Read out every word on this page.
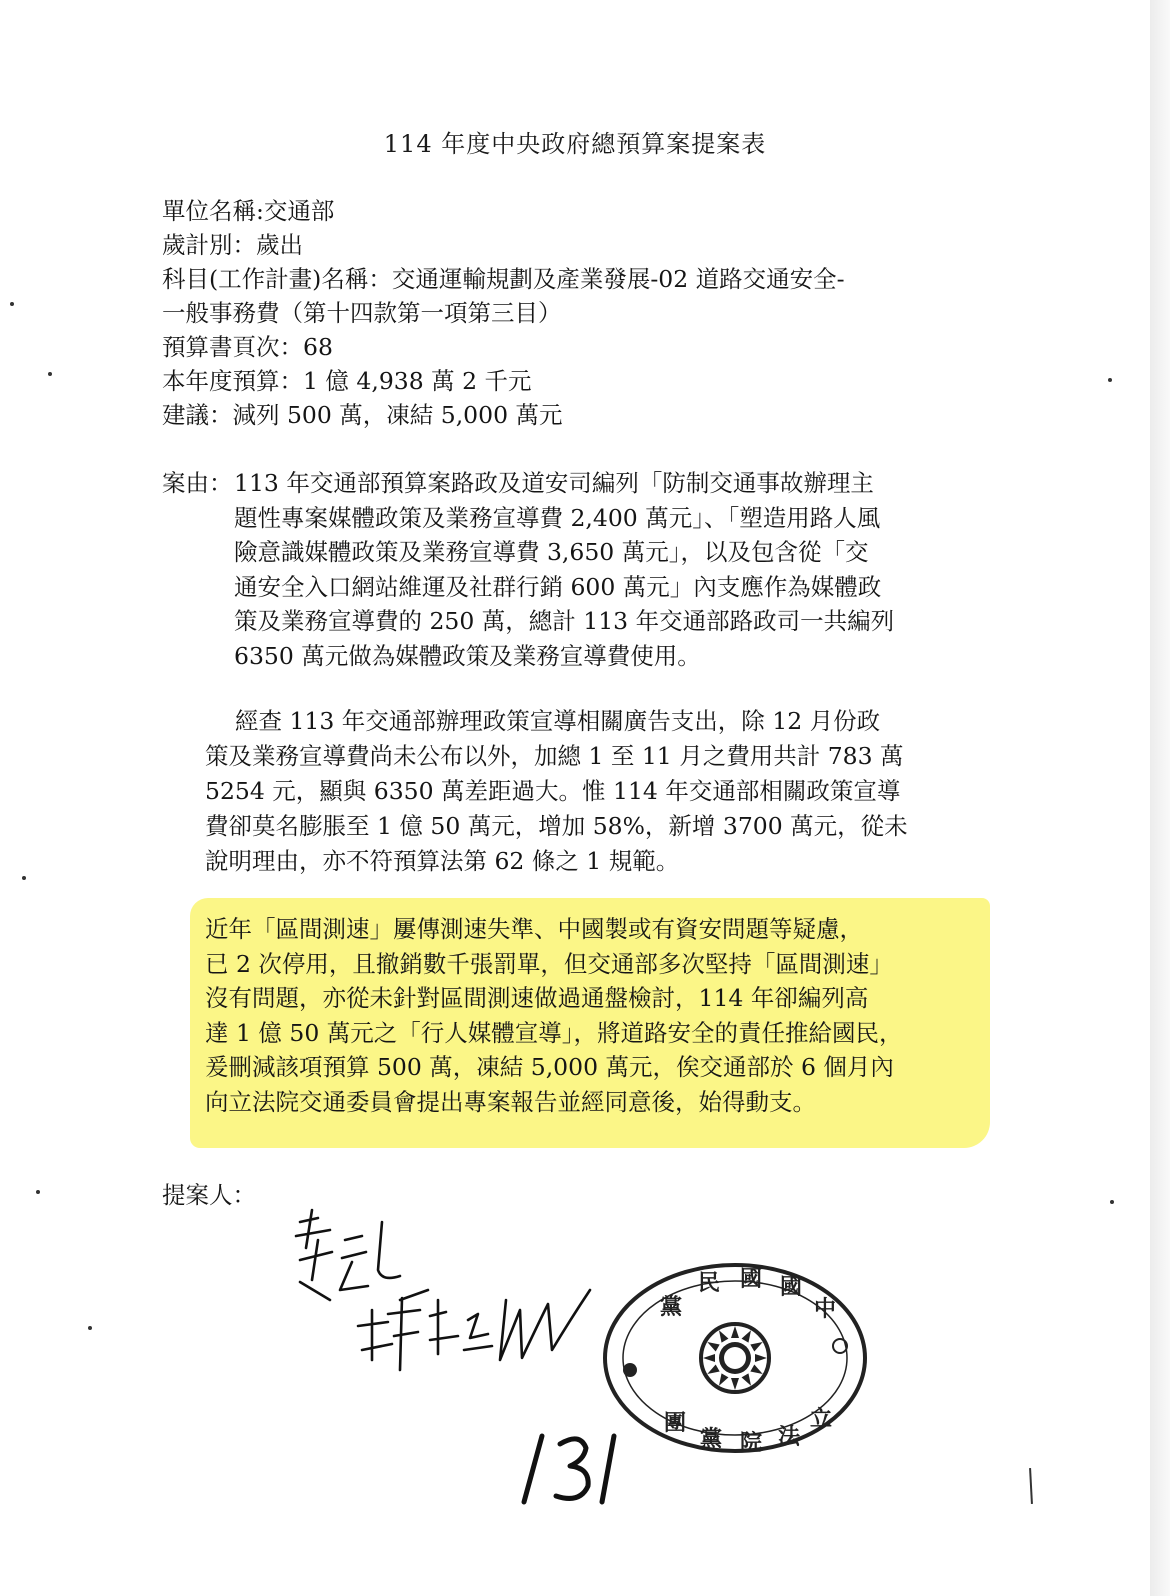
114 年度中央政府總預算案提案表
單位名稱:交通部
歲計別：歲出
科目(工作計畫)名稱：交通運輸規劃及產業發展-02 道路交通安全-
一般事務費（第十四款第一項第三目）
預算書頁次：68
本年度預算：1 億 4,938 萬 2 千元
建議：減列 500 萬，凍結 5,000 萬元
案由： 113 年交通部預算案路政及道安司編列「防制交通事故辦理主
題性專案媒體政策及業務宣導費 2,400 萬元」、「塑造用路人風
險意識媒體政策及業務宣導費 3,650 萬元」，以及包含從「交
通安全入口網站維運及社群行銷 600 萬元」內支應作為媒體政
策及業務宣導費的 250 萬，總計 113 年交通部路政司一共編列
6350 萬元做為媒體政策及業務宣導費使用。
經查 113 年交通部辦理政策宣導相關廣告支出，除 12 月份政
策及業務宣導費尚未公布以外，加總 1 至 11 月之費用共計 783 萬
5254 元，顯與 6350 萬差距過大。惟 114 年交通部相關政策宣導
費卻莫名膨脹至 1 億 50 萬元，增加 58%，新增 3700 萬元，從未
說明理由，亦不符預算法第 62 條之 1 規範。
近年「區間測速」屢傳測速失準、中國製或有資安問題等疑慮，
已 2 次停用，且撤銷數千張罰單，但交通部多次堅持「區間測速」
沒有問題，亦從未針對區間測速做過通盤檢討，114 年卻編列高
達 1 億 50 萬元之「行人媒體宣導」，將道路安全的責任推給國民，
爰刪減該項預算 500 萬，凍結 5,000 萬元，俟交通部於 6 個月內
向立法院交通委員會提出專案報告並經同意後，始得動支。
提案人：
黨
民 國 國
中
立
法
院
黨
團
